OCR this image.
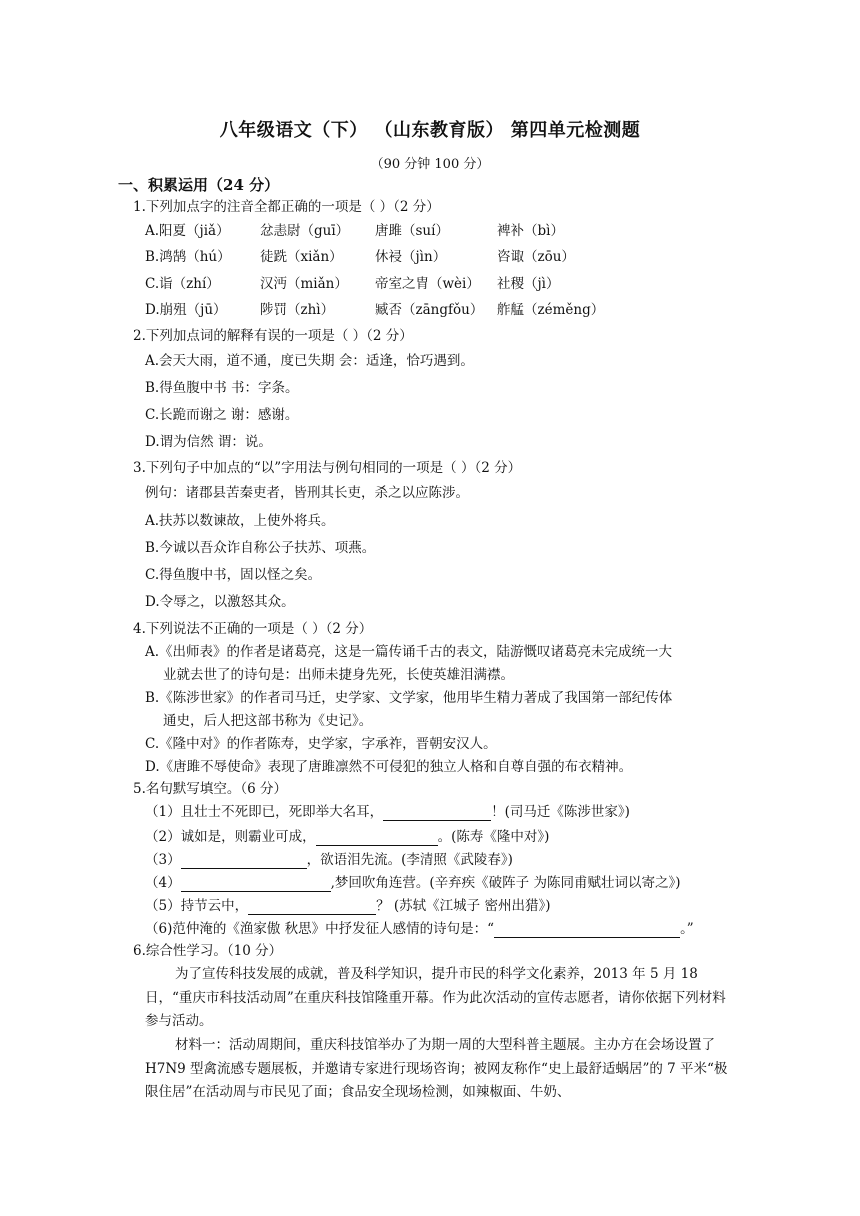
八年级语文（下） （山东教育版） 第四单元检测题
（90 分钟 100 分）
一、积累运用（24 分）
1.下列加点字的注音全都正确的一项是（ ）（2 分）
A.阳夏（jiǎ） 忿恚尉（guī） 唐雎（suí）	裨补（bì）
B.鸿鹄（hú） 徒跣（xiǎn） 休祲（jìn）	咨诹（zōu）
C.诣（zhí）	汉沔（miǎn） 帝室之胄（wèi） 社稷（jì）
D.崩殂（jū） 陟罚（zhì）	臧否（zāngfǒu） 舴艋（zéměng）
2.下列加点词的解释有误的一项是（ ）（2 分）
A.会天大雨，道不通，度已失期 会：适逢，恰巧遇到。
B.得鱼腹中书 书：字条。
C.长跪而谢之 谢：感谢。
D.谓为信然 谓：说。
3.下列句子中加点的“以”字用法与例句相同的一项是（ ）（2 分）
例句：诸郡县苦秦吏者，皆刑其长吏，杀之以应陈涉。
A.扶苏以数谏故，上使外将兵。
B.今诚以吾众诈自称公子扶苏、项燕。
C.得鱼腹中书，固以怪之矣。
D.令辱之，以激怒其众。
4.下列说法不正确的一项是（ ）（2 分）
A.《出师表》的作者是诸葛亮，这是一篇传诵千古的表文，陆游慨叹诸葛亮未完成统一大
业就去世了的诗句是：出师未捷身先死，长使英雄泪满襟。
B.《陈涉世家》的作者司马迁，史学家、文学家，他用毕生精力著成了我国第一部纪传体
通史，后人把这部书称为《史记》。
C.《隆中对》的作者陈寿，史学家，字承祚，晋朝安汉人。
D.《唐雎不辱使命》表现了唐雎凛然不可侵犯的独立人格和自尊自强的布衣精神。
5.名句默写填空。（6 分）
（1）且壮士不死即已，死即举大名耳，	！(司马迁《陈涉世家》)
（2）诚如是，则霸业可成，	。(陈寿《隆中对》)
（3）	，欲语泪先流。(李清照《武陵春》)
（4）	,梦回吹角连营。(辛弃疾《破阵子 为陈同甫赋壮词以寄之》)
（5）持节云中，	？ (苏轼《江城子 密州出猎》)
（6)范仲淹的《渔家傲 秋思》中抒发征人感情的诗句是：“	。”
6.综合性学习。（10 分）
为了宣传科技发展的成就，普及科学知识，提升市民的科学文化素养，2013 年 5 月 18 日，“重庆市科技活动周”在重庆科技馆隆重开幕。作为此次活动的宣传志愿者，请你依据下列材料参与活动。
材料一：活动周期间，重庆科技馆举办了为期一周的大型科普主题展。主办方在会场设置了 H7N9 型禽流感专题展板，并邀请专家进行现场咨询；被网友称作“史上最舒适蜗居”的 7 平米“极限住居”在活动周与市民见了面；食品安全现场检测，如辣椒面、牛奶、
